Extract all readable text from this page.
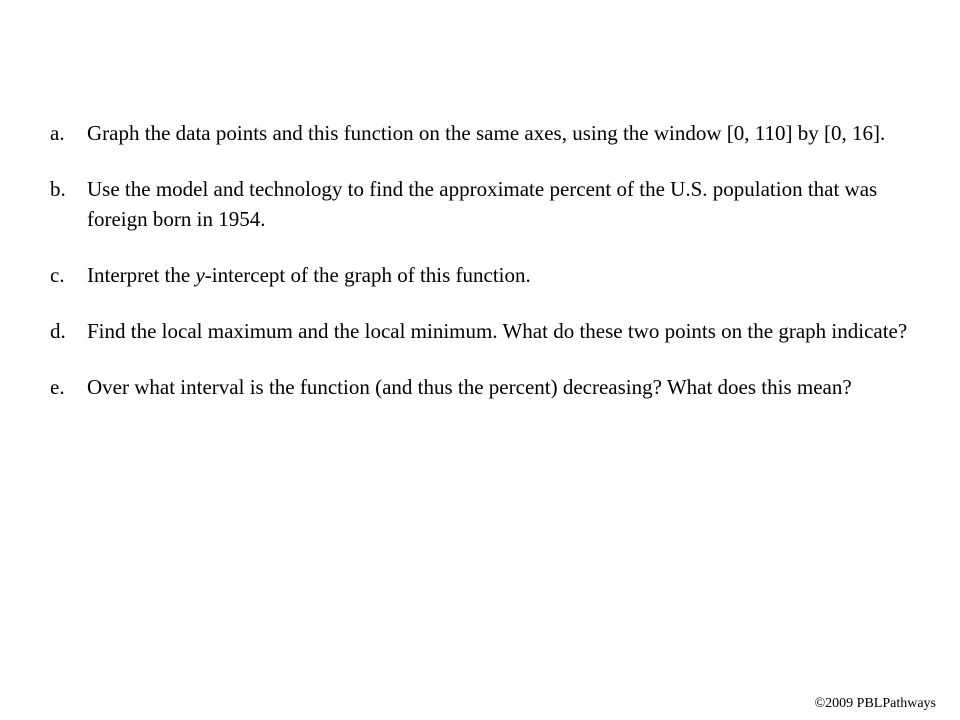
a. Graph the data points and this function on the same axes, using the window [0, 110] by [0, 16].
b. Use the model and technology to find the approximate percent of the U.S. population that was foreign born in 1954.
c. Interpret the y-intercept of the graph of this function.
d. Find the local maximum and the local minimum. What do these two points on the graph indicate?
e. Over what interval is the function (and thus the percent) decreasing? What does this mean?
©2009 PBLPathways
